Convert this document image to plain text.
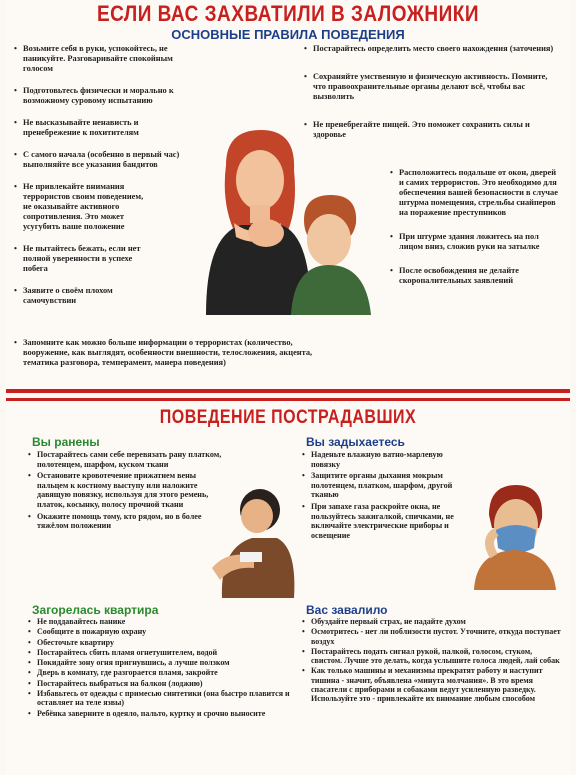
ЕСЛИ ВАС ЗАХВАТИЛИ В ЗАЛОЖНИКИ
ОСНОВНЫЕ ПРАВИЛА ПОВЕДЕНИЯ
• Возьмите себя в руки, успокойтесь, не паникуйте. Разговаривайте спокойным голосом
• Подготовьтесь физически и морально к возможному суровому испытанию
• Не высказывайте ненависть и пренебрежение к похитителям
• С самого начала (особенно в первый час) выполняйте все указания бандитов
• Не привлекайте внимания террористов своим поведением, не оказывайте активного сопротивления. Это может усугубить ваше положение
• Не пытайтесь бежать, если нет полной уверенности в успехе побега
• Заявите о своём плохом самочувствии
• Запомните как можно больше информации о террористах (количество, вооружение, как выглядят, особенности внешности, телосложения, акцента, тематика разговора, темперамент, манера поведения)
• Постарайтесь определить место своего нахождения (заточения)
• Сохраняйте умственную и физическую активность. Помните, что правоохранительные органы делают всё, чтобы вас вызволить
• Не пренебрегайте пищей. Это поможет сохранить силы и здоровье
• Расположитесь подальше от окон, дверей и самих террористов. Это необходимо для обеспечения вашей безопасности в случае штурма помещения, стрельбы снайперов на поражение преступников
• При штурме здания ложитесь на пол лицом вниз, сложив руки на затылке
• После освобождения не делайте скоропалительных заявлений
ПОВЕДЕНИЕ ПОСТРАДАВШИХ
Вы ранены
• Постарайтесь сами себе перевязать рану платком, полотенцем, шарфом, куском ткани
• Остановите кровотечение прижатием вены пальцем к костному выступу или наложите давящую повязку, используя для этого ремень, платок, косынку, полосу прочной ткани
• Окажите помощь тому, кто рядом, но в более тяжёлом положении
Вы задыхаетесь
• Наденьте влажную ватно-марлевую повязку
• Защитите органы дыхания мокрым полотенцем, платком, шарфом, другой тканью
• При запахе газа раскройте окна, не пользуйтесь зажигалкой, спичками, не включайте электрические приборы и освещение
Загорелась квартира
• Не поддавайтесь панике
• Сообщите в пожарную охрану
• Обесточьте квартиру
• Постарайтесь сбить пламя огнетушителем, водой
• Покидайте зону огня пригнувшись, а лучше ползком
• Дверь в комнату, где разгорается пламя, закройте
• Постарайтесь выбраться на балкон (лоджию)
• Избавьтесь от одежды с примесью синтетики (она быстро плавится и оставляет на теле язвы)
• Ребёнка заверните в одеяло, пальто, куртку и срочно выносите
Вас завалило
• Обуздайте первый страх, не падайте духом
• Осмотритесь - нет ли поблизости пустот. Уточните, откуда поступает воздух
• Постарайтесь подать сигнал рукой, палкой, голосом, стуком, свистом. Лучше это делать, когда услышите голоса людей, лай собак
• Как только машины и механизмы прекратят работу и наступит тишина - значит, объявлена «минута молчания». В это время спасатели с приборами и собаками ведут усиленную разведку. Используйте это - привлекайте их внимание любым способом
